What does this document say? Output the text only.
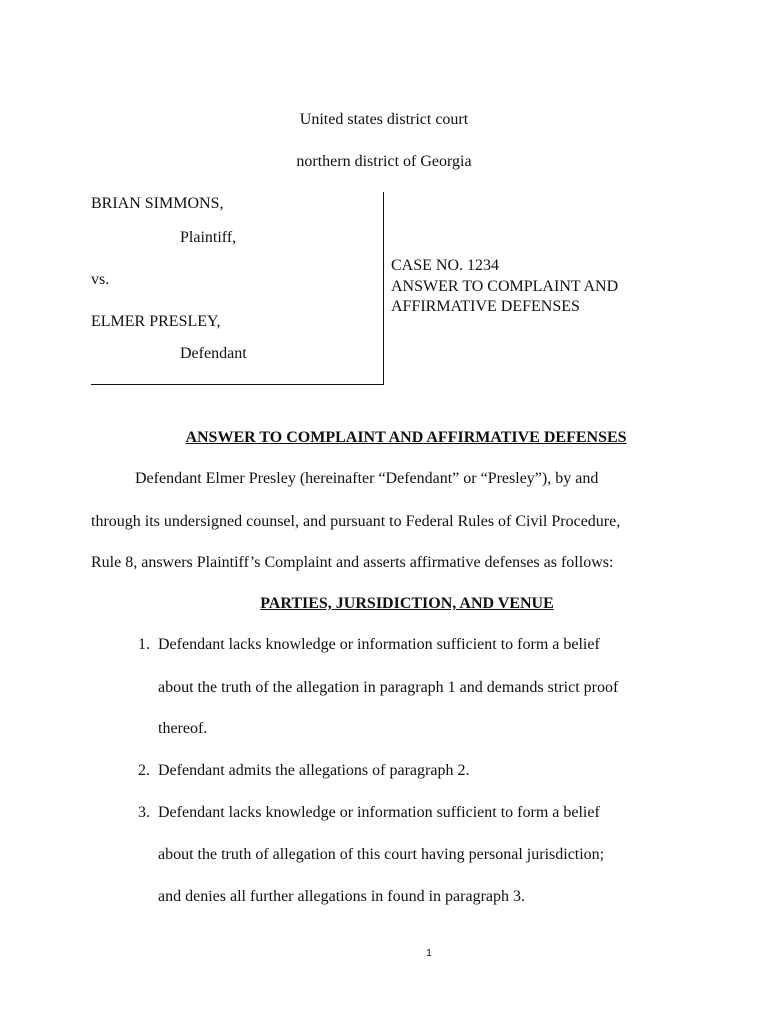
United states district court
northern district of Georgia
BRIAN SIMMONS,
Plaintiff,
vs.
ELMER PRESLEY,
Defendant
CASE NO. 1234
ANSWER TO COMPLAINT AND
AFFIRMATIVE DEFENSES
ANSWER TO COMPLAINT AND AFFIRMATIVE DEFENSES
Defendant Elmer Presley (hereinafter “Defendant” or “Presley”), by and
through its undersigned counsel, and pursuant to Federal Rules of Civil Procedure,
Rule 8, answers Plaintiff’s Complaint and asserts affirmative defenses as follows:
PARTIES, JURSIDICTION, AND VENUE
1. Defendant lacks knowledge or information sufficient to form a belief
about the truth of the allegation in paragraph 1 and demands strict proof
thereof.
2. Defendant admits the allegations of paragraph 2.
3. Defendant lacks knowledge or information sufficient to form a belief
about the truth of allegation of this court having personal jurisdiction;
and denies all further allegations in found in paragraph 3.
1
